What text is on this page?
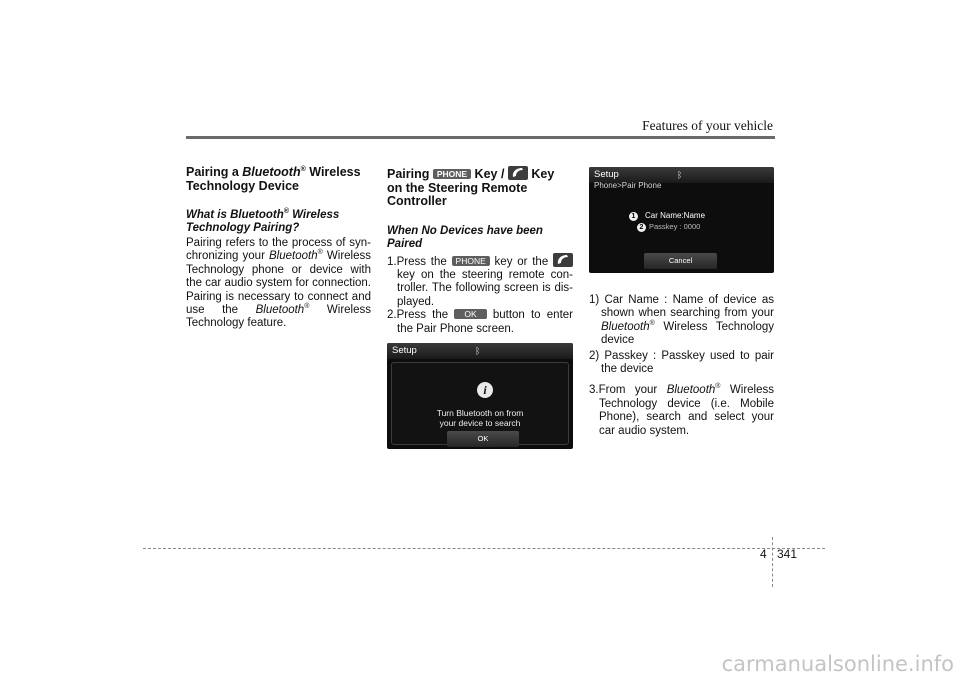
Features of your vehicle

Pairing a Bluetooth® Wireless Technology Device

What is Bluetooth® Wireless Technology Pairing?

Pairing refers to the process of syn-chronizing your Bluetooth® Wireless Technology phone or device with the car audio system for connection. Pairing is necessary to connect and use the Bluetooth® Wireless Technology feature.

Pairing PHONE Key /
Key on the Steering Remote Controller

When No Devices have been Paired

1.Press the PHONE key or the
key on the steering remote con-troller. The following screen is dis-played.

2.Press the OK button to enter the Pair Phone screen.

Setup	ᛒ
i
Turn Bluetooth on from
your device to search
OK
Setup	ᛒ
Phone>Pair Phone
1	Car Name:Name
2 Passkey : 0000
Cancel

1) Car Name : Name of device as shown when searching from your Bluetooth® Wireless Technology device

2) Passkey : Passkey used to pair the device

3.From your Bluetooth® Wireless Technology device (i.e. Mobile Phone), search and select your car audio system.

4 341
carmanualsonline.info
